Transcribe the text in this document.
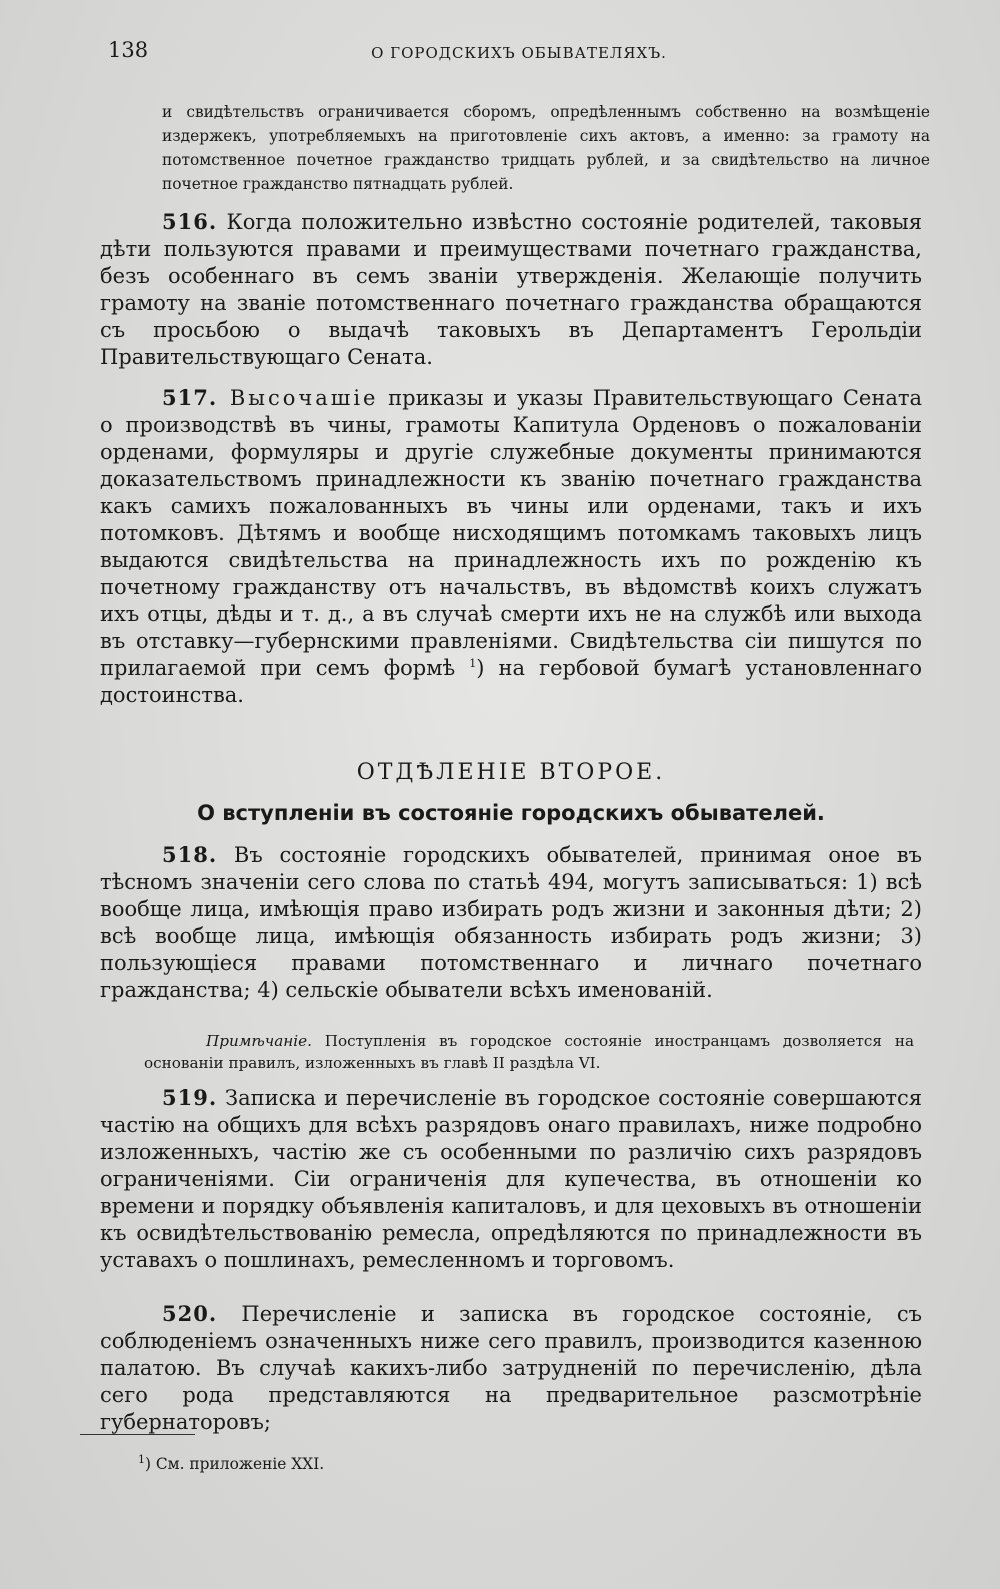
138	О ГОРОДСКИХЪ ОБЫВАТЕЛЯХЪ.
и свидѣтельствъ ограничивается сборомъ, опредѣленнымъ собственно на возмѣщеніе издержекъ, употребляемыхъ на приготовленіе сихъ актовъ, а именно: за грамоту на потомственное почетное гражданство тридцать рублей, и за свидѣтельство на личное почетное гражданство пятнадцать рублей.
516. Когда положительно извѣстно состояніе родителей, таковыя дѣти пользуются правами и преимуществами почетнаго гражданства, безъ особеннаго въ семъ званіи утвержденія. Желающіе получить грамоту на званіе потомственнаго почетнаго гражданства обращаются съ просьбою о выдачѣ таковыхъ въ Департаментъ Герольдіи Правительствующаго Сената.
517. Высочашіе приказы и указы Правительствующаго Сената о производствѣ въ чины, грамоты Капитула Орденовъ о пожалованіи орденами, формуляры и другіе служебные документы принимаются доказательствомъ принадлежности къ званію почетнаго гражданства какъ самихъ пожалованныхъ въ чины или орденами, такъ и ихъ потомковъ. Дѣтямъ и вообще нисходящимъ потомкамъ таковыхъ лицъ выдаются свидѣтельства на принадлежность ихъ по рожденію къ почетному гражданству отъ начальствъ, въ вѣдомствѣ коихъ служатъ ихъ отцы, дѣды и т. д., а въ случаѣ смерти ихъ не на службѣ или выхода въ отставку—губернскими правленіями. Свидѣтельства сіи пишутся по прилагаемой при семъ формѣ $^1$) на гербовой бумагѣ установленнаго достоинства.
ОТДѢЛЕНІЕ ВТОРОЕ.
О вступленіи въ состояніе городскихъ обывателей.
518. Въ состояніе городскихъ обывателей, принимая оное въ тѣсномъ значеніи сего слова по статьѣ 494, могутъ записываться: 1) всѣ вообще лица, имѣющія право избирать родъ жизни и законныя дѣти; 2) всѣ вообще лица, имѣющія обязанность избирать родъ жизни; 3) пользующіеся правами потомственнаго и личнаго почетнаго гражданства; 4) сельскіе обыватели всѣхъ именованій.
Примѣчаніе. Поступленія въ городское состояніе иностранцамъ дозволяется на основаніи правилъ, изложенныхъ въ главѣ II раздѣла VI.
519. Записка и перечисленіе въ городское состояніе совершаются частію на общихъ для всѣхъ разрядовъ онаго правилахъ, ниже подробно изложенныхъ, частію же съ особенными по различію сихъ разрядовъ ограниченіями. Сіи ограниченія для купечества, въ отношеніи ко времени и порядку объявленія капиталовъ, и для цеховыхъ въ отношеніи къ освидѣтельствованію ремесла, опредѣляются по принадлежности въ уставахъ о пошлинахъ, ремесленномъ и торговомъ.
520. Перечисленіе и записка въ городское состояніе, съ соблюденіемъ означенныхъ ниже сего правилъ, производится казенною палатою. Въ случаѣ какихъ-либо затрудненій по перечисленію, дѣла сего рода представляются на предварительное разсмотрѣніе губернаторовъ;
$^1$) См. приложеніе XXI.
